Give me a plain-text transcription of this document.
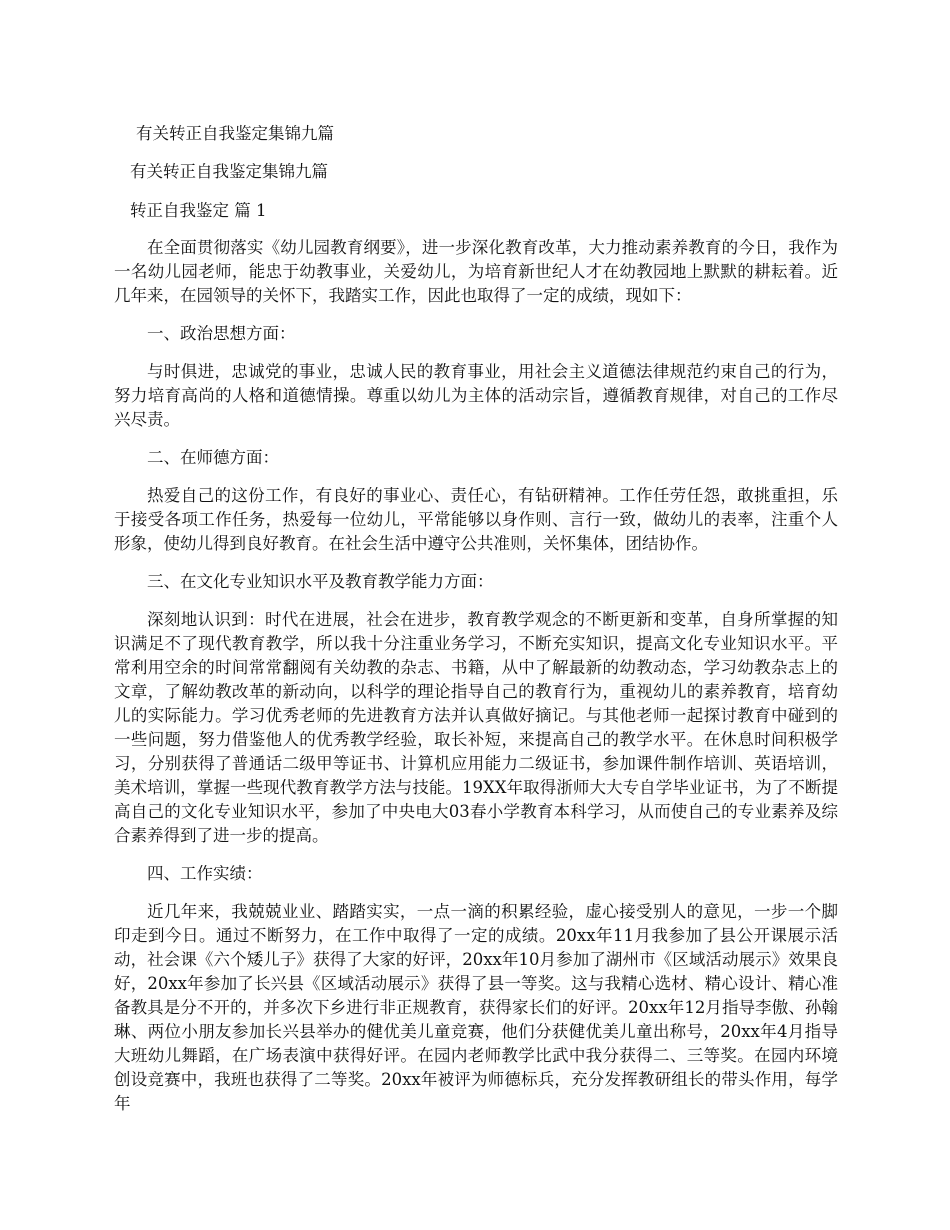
有关转正自我鉴定集锦九篇

有关转正自我鉴定集锦九篇

转正自我鉴定 篇 1

在全面贯彻落实《幼儿园教育纲要》，进一步深化教育改革，大力推动素养教育的今日，我作为一名幼儿园老师，能忠于幼教事业，关爱幼儿，为培育新世纪人才在幼教园地上默默的耕耘着。近几年来，在园领导的关怀下，我踏实工作，因此也取得了一定的成绩，现如下：

一、政治思想方面：

与时俱进，忠诚党的事业，忠诚人民的教育事业，用社会主义道德法律规范约束自己的行为，努力培育高尚的人格和道德情操。尊重以幼儿为主体的活动宗旨，遵循教育规律，对自己的工作尽兴尽责。

二、在师德方面：

热爱自己的这份工作，有良好的事业心、责任心，有钻研精神。工作任劳任怨，敢挑重担，乐于接受各项工作任务，热爱每一位幼儿，平常能够以身作则、言行一致，做幼儿的表率，注重个人形象，使幼儿得到良好教育。在社会生活中遵守公共准则，关怀集体，团结协作。

三、在文化专业知识水平及教育教学能力方面：

深刻地认识到：时代在进展，社会在进步，教育教学观念的不断更新和变革，自身所掌握的知识满足不了现代教育教学，所以我十分注重业务学习，不断充实知识，提高文化专业知识水平。平常利用空余的时间常常翻阅有关幼教的杂志、书籍，从中了解最新的幼教动态，学习幼教杂志上的文章，了解幼教改革的新动向，以科学的理论指导自己的教育行为，重视幼儿的素养教育，培育幼儿的实际能力。学习优秀老师的先进教育方法并认真做好摘记。与其他老师一起探讨教育中碰到的一些问题，努力借鉴他人的优秀教学经验，取长补短，来提高自己的教学水平。在休息时间积极学习，分别获得了普通话二级甲等证书、计算机应用能力二级证书，参加课件制作培训、英语培训，美术培训，掌握一些现代教育教学方法与技能。19XX年取得浙师大大专自学毕业证书，为了不断提高自己的文化专业知识水平，参加了中央电大03春小学教育本科学习，从而使自己的专业素养及综合素养得到了进一步的提高。

四、工作实绩：

近几年来，我兢兢业业、踏踏实实，一点一滴的积累经验，虚心接受别人的意见，一步一个脚印走到今日。通过不断努力，在工作中取得了一定的成绩。20xx年11月我参加了县公开课展示活动，社会课《六个矮儿子》获得了大家的好评，20xx年10月参加了湖州市《区域活动展示》效果良好，20xx年参加了长兴县《区域活动展示》获得了县一等奖。这与我精心选材、精心设计、精心准备教具是分不开的，并多次下乡进行非正规教育，获得家长们的好评。20xx年12月指导李傲、孙翰琳、两位小朋友参加长兴县举办的健优美儿童竞赛，他们分获健优美儿童出称号，20xx年4月指导大班幼儿舞蹈，在广场表演中获得好评。在园内老师教学比武中我分获得二、三等奖。在园内环境创设竞赛中，我班也获得了二等奖。20xx年被评为师德标兵，充分发挥教研组长的带头作用，每学年
